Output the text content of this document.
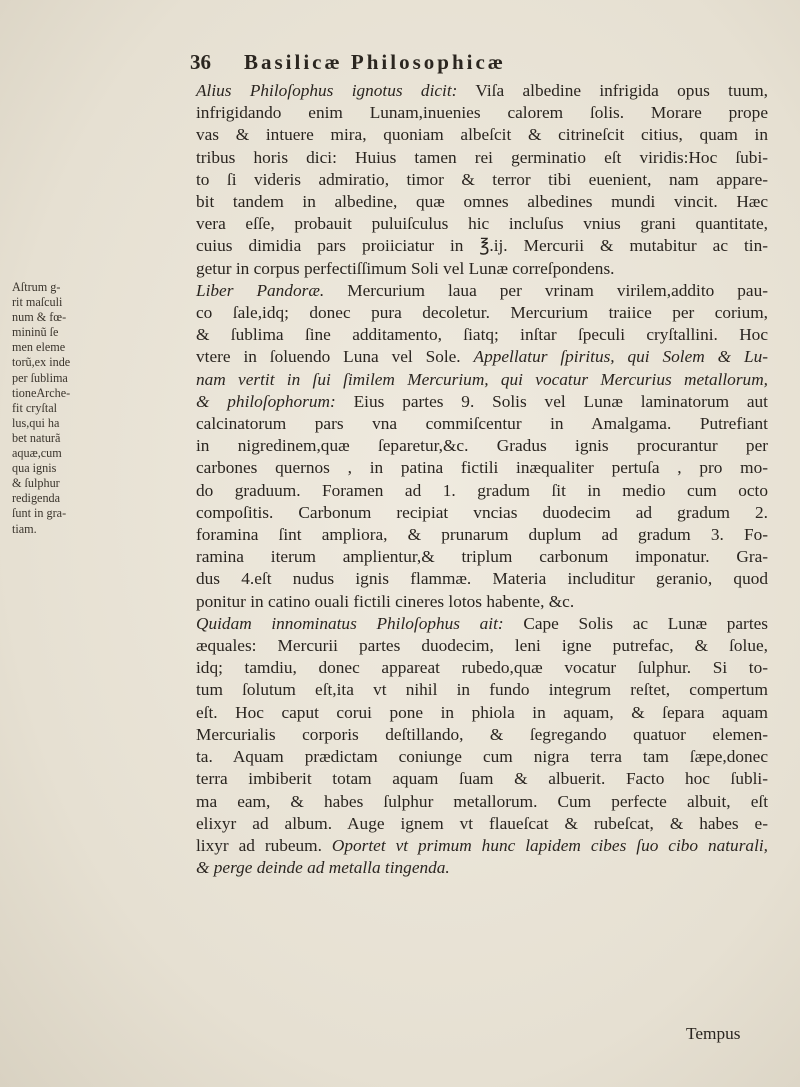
36 Basilicæ Philosophicæ
Aſtrum g-
rit maſculi
num & fœ-
mininũ ſe
men eleme
torũ,ex inde
per ſublima
tioneArche-
fit cryſtal
lus,qui ha
bet naturã
aquæ,cum
qua ignis
& ſulphur
redigenda
ſunt in gra-
tiam.
Alius Philoſophus ignotus dicit: Viſa albedine infrigida opus tuum,
infrigidando enim Lunam,inuenies calorem ſolis. Morare prope
vas & intuere mira, quoniam albeſcit & citrineſcit citius, quam in
tribus horis dici: Huius tamen rei germinatio eſt viridis:Hoc ſubi-
to ſi videris admiratio, timor & terror tibi euenient, nam appare-
bit tandem in albedine, quæ omnes albedines mundi vincit. Hæc
vera eſſe, probauit puluiſculus hic incluſus vnius grani quantitate,
cuius dimidia pars proiiciatur in ℥.ij. Mercurii & mutabitur ac tin-
getur in corpus perfectiſſimum Soli vel Lunæ correſpondens.
Liber Pandoræ. Mercurium laua per vrinam virilem,addito pau-
co ſale,idq; donec pura decoletur. Mercurium traiice per corium,
& ſublima ſine additamento, ſiatq; inſtar ſpeculi cryſtallini. Hoc
vtere in ſoluendo Luna vel Sole. Appellatur ſpiritus, qui Solem & Lu-
nam vertit in ſui ſimilem Mercurium, qui vocatur Mercurius metallorum,
& philoſophorum: Eius partes 9. Solis vel Lunæ laminatorum aut
calcinatorum pars vna commiſcentur in Amalgama. Putrefiant
in nigredinem,quæ ſeparetur,&c. Gradus ignis procurantur per
carbones quernos , in patina fictili inæqualiter pertuſa , pro mo-
do graduum. Foramen ad 1. gradum ſit in medio cum octo
compoſitis. Carbonum recipiat vncias duodecim ad gradum 2.
foramina ſint ampliora, & prunarum duplum ad gradum 3. Fo-
ramina iterum amplientur,& triplum carbonum imponatur. Gra-
dus 4.eſt nudus ignis flammæ. Materia includitur geranio, quod
ponitur in catino ouali fictili cineres lotos habente, &c.
Quidam innominatus Philoſophus ait: Cape Solis ac Lunæ partes
æquales: Mercurii partes duodecim, leni igne putrefac, & ſolue,
idq; tamdiu, donec appareat rubedo,quæ vocatur ſulphur. Si to-
tum ſolutum eſt,ita vt nihil in fundo integrum reſtet, compertum
eſt. Hoc caput corui pone in phiola in aquam, & ſepara aquam
Mercurialis corporis deſtillando, & ſegregando quatuor elemen-
ta. Aquam prædictam coniunge cum nigra terra tam ſæpe,donec
terra imbiberit totam aquam ſuam & albuerit. Facto hoc ſubli-
ma eam, & habes ſulphur metallorum. Cum perfecte albuit, eſt
elixyr ad album. Auge ignem vt flaueſcat & rubeſcat, & habes e-
lixyr ad rubeum. Oportet vt primum hunc lapidem cibes ſuo cibo naturali,
& perge deinde ad metalla tingenda.
Tempus
